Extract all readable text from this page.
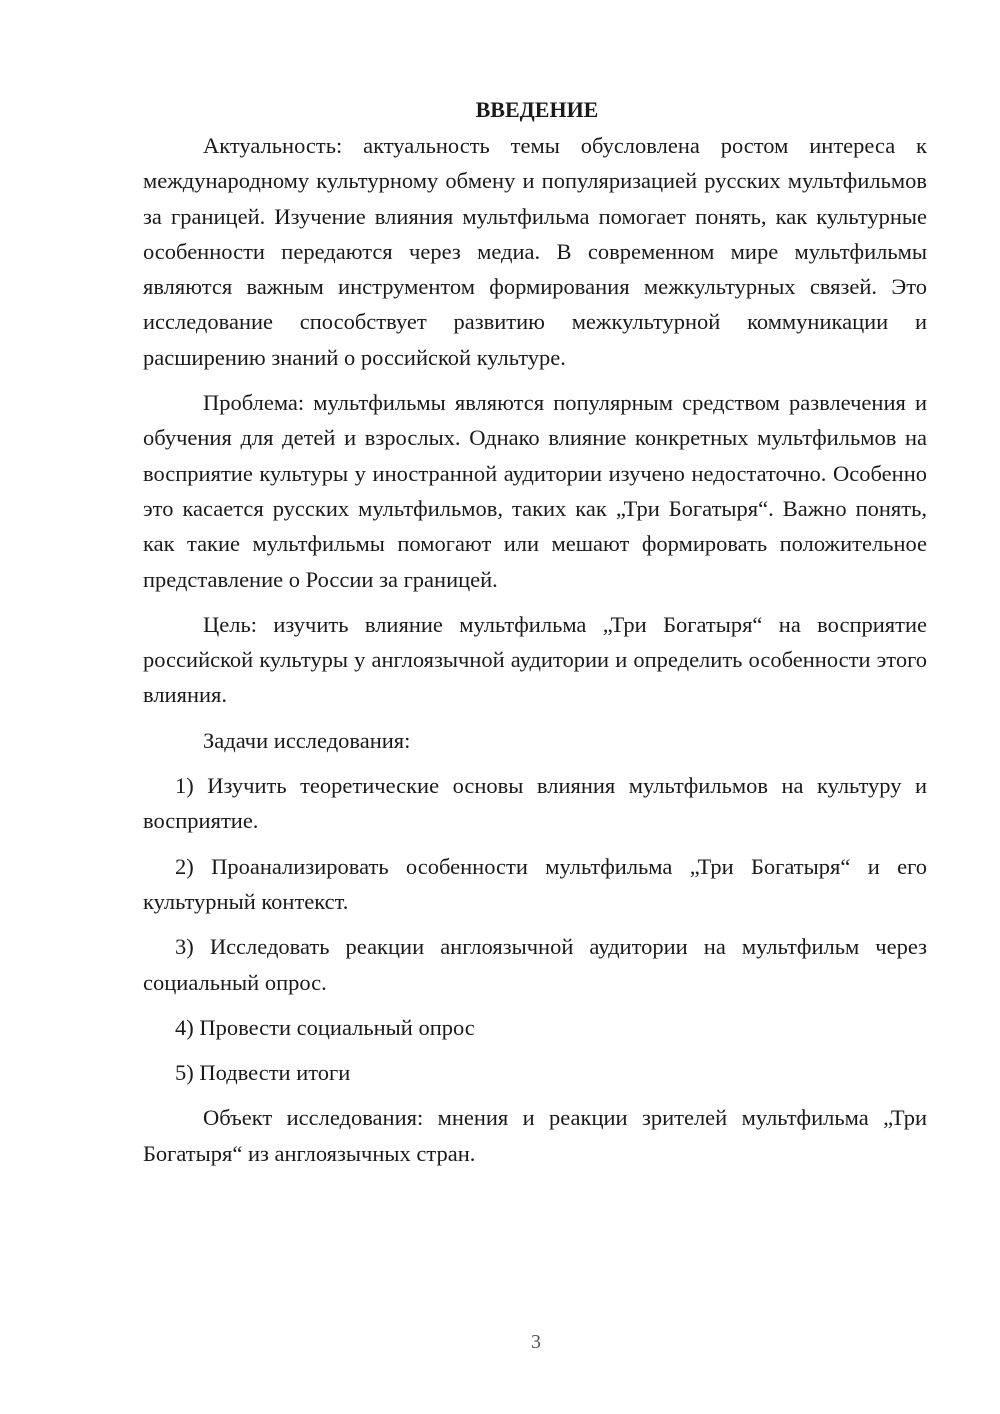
ВВЕДЕНИЕ

Актуальность: актуальность темы обусловлена ростом интереса к международному культурному обмену и популяризацией русских мультфильмов за границей. Изучение влияния мультфильма помогает понять, как культурные особенности передаются через медиа. В современном мире мультфильмы являются важным инструментом формирования межкультурных связей. Это исследование способствует развитию межкультурной коммуникации и расширению знаний о российской культуре.

Проблема: мультфильмы являются популярным средством развлечения и обучения для детей и взрослых. Однако влияние конкретных мультфильмов на восприятие культуры у иностранной аудитории изучено недостаточно. Особенно это касается русских мультфильмов, таких как „Три Богатыря“. Важно понять, как такие мультфильмы помогают или мешают формировать положительное представление о России за границей.

Цель: изучить влияние мультфильма „Три Богатыря“ на восприятие российской культуры у англоязычной аудитории и определить особенности этого влияния.

Задачи исследования:

1) Изучить теоретические основы влияния мультфильмов на культуру и восприятие.

2) Проанализировать особенности мультфильма „Три Богатыря“ и его культурный контекст.

3) Исследовать реакции англоязычной аудитории на мультфильм через социальный опрос.

4) Провести социальный опрос

5) Подвести итоги

Объект исследования: мнения и реакции зрителей мультфильма „Три Богатыря“ из англоязычных стран.

3
